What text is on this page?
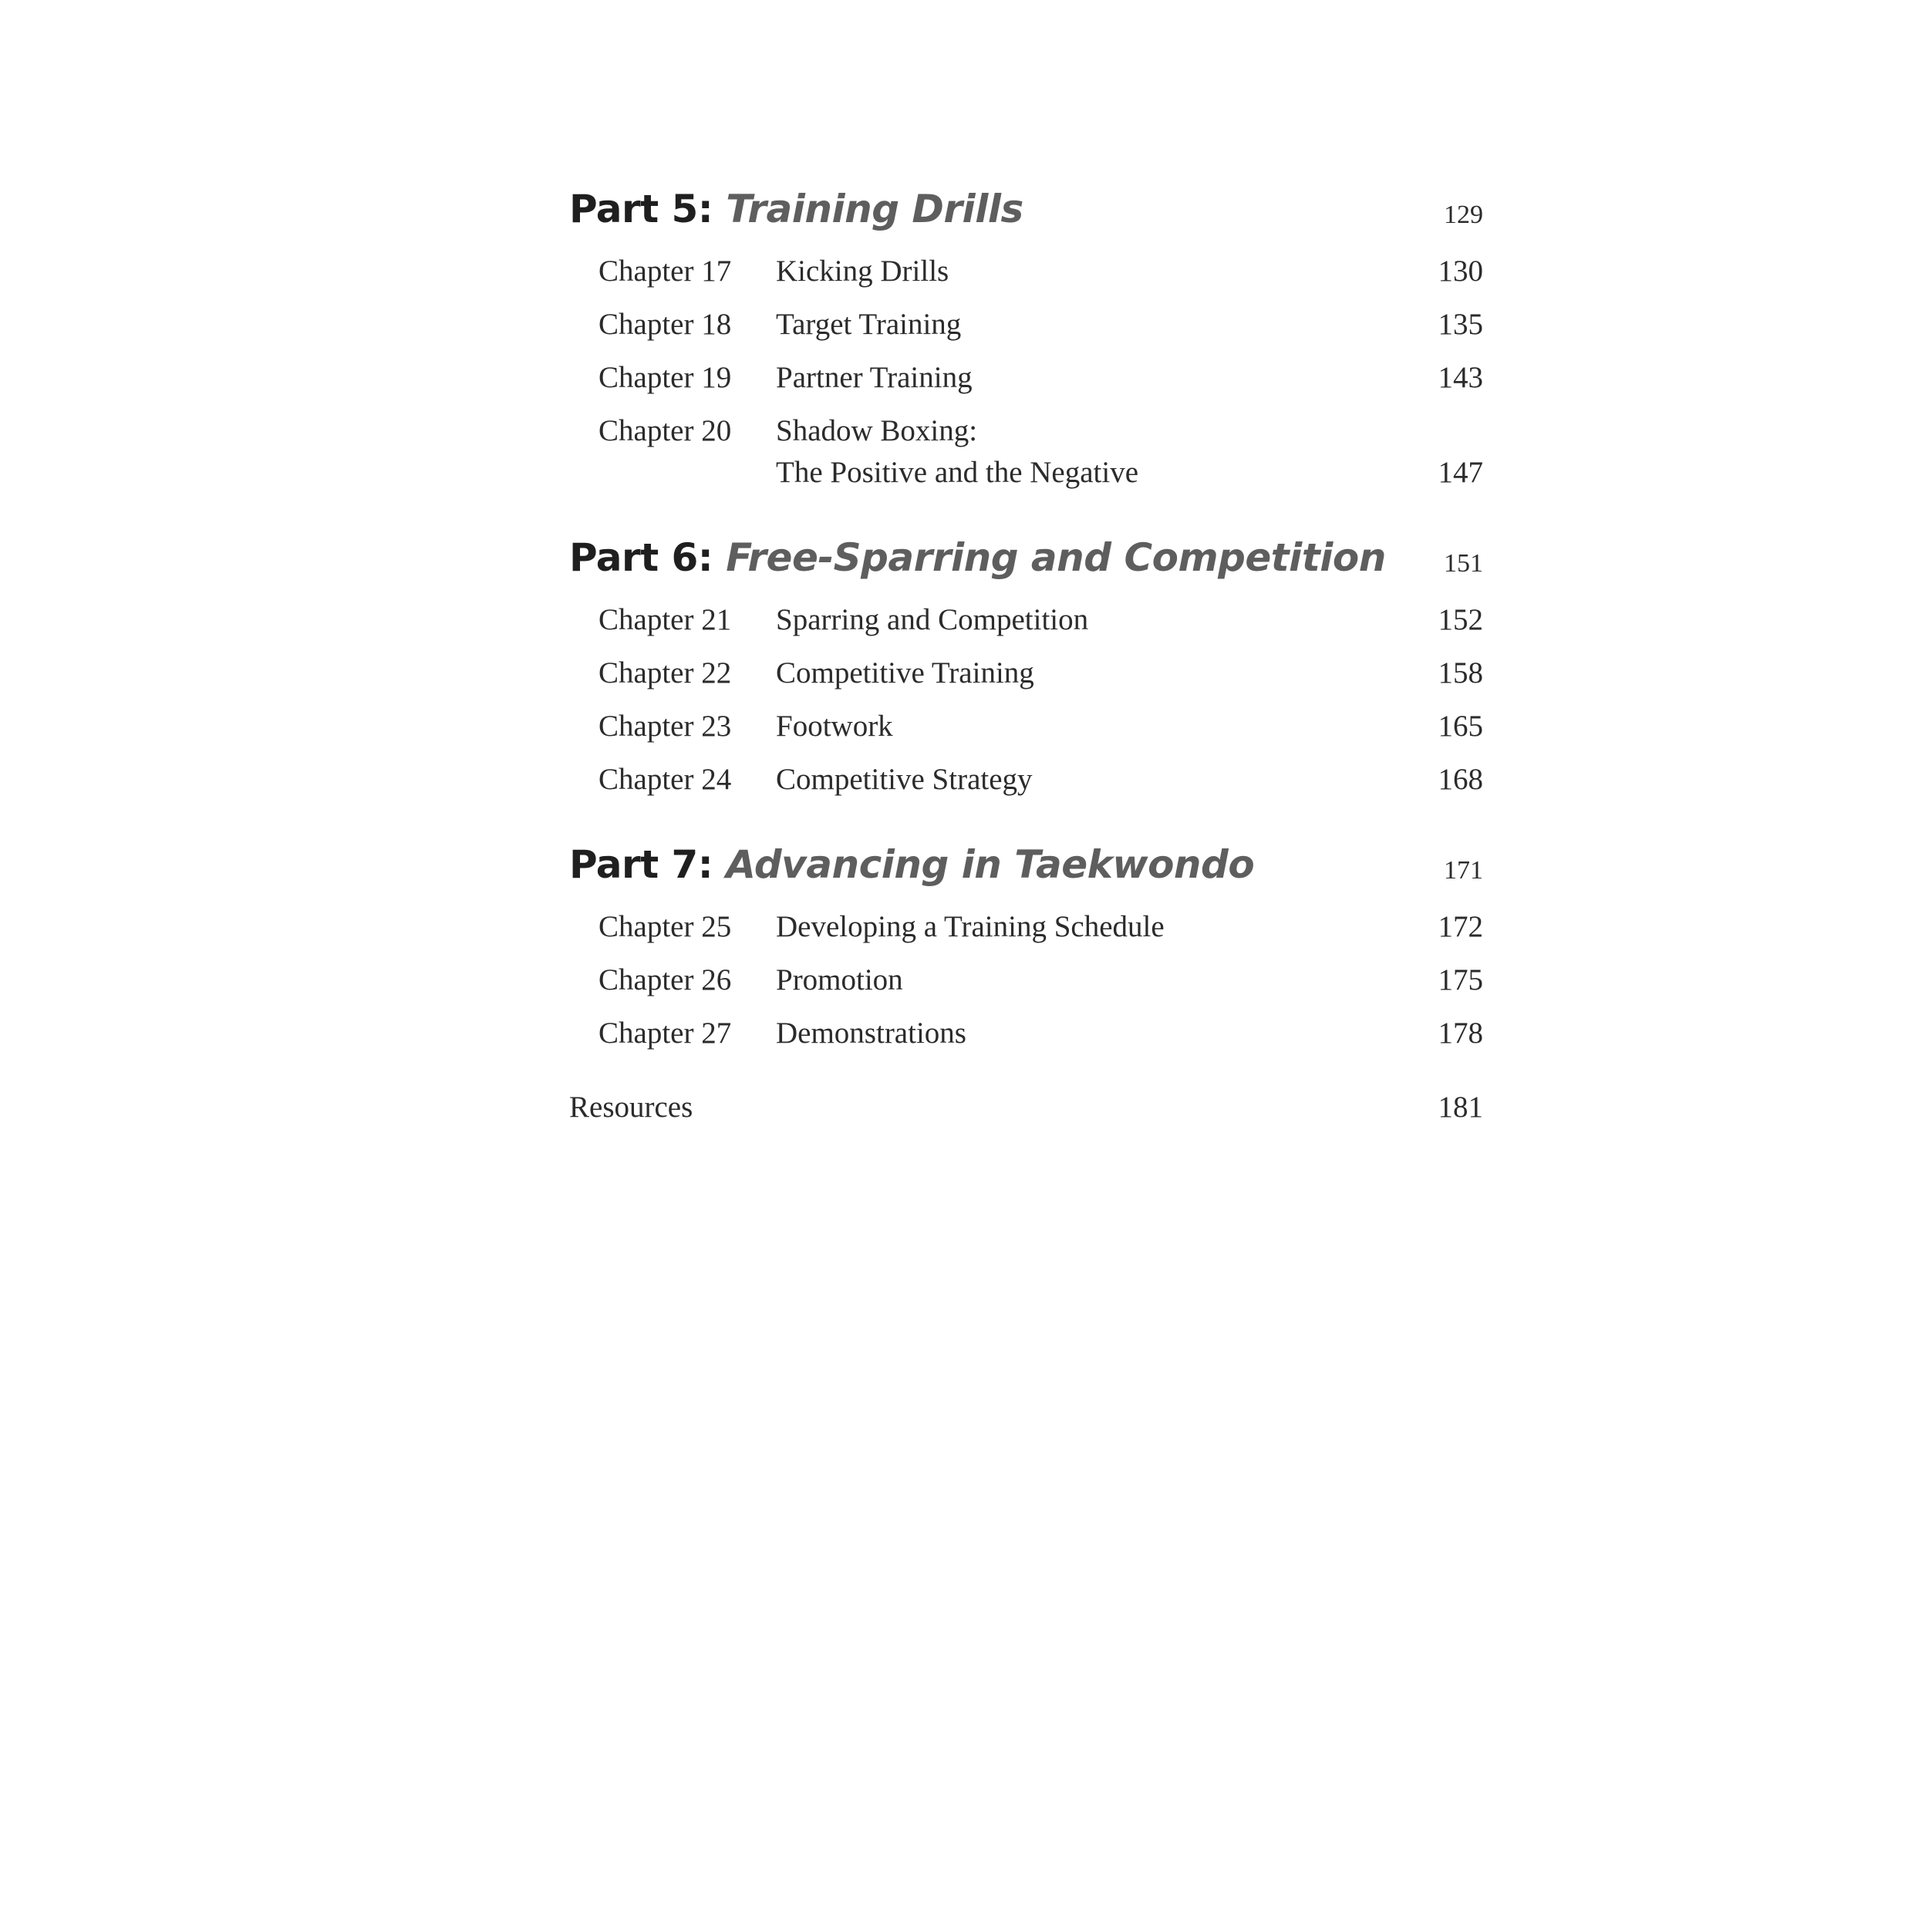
Part 5: Training Drills	129
Chapter 17 Kicking Drills	130
Chapter 18 Target Training	135
Chapter 19 Partner Training	143
Chapter 20 Shadow Boxing:
The Positive and the Negative	147
Part 6: Free-Sparring and Competition 151
Chapter 21 Sparring and Competition	152
Chapter 22 Competitive Training	158
Chapter 23 Footwork	165
Chapter 24 Competitive Strategy	168
Part 7: Advancing in Taekwondo	171
Chapter 25 Developing a Training Schedule	172
Chapter 26 Promotion	175
Chapter 27 Demonstrations	178
Resources	181
